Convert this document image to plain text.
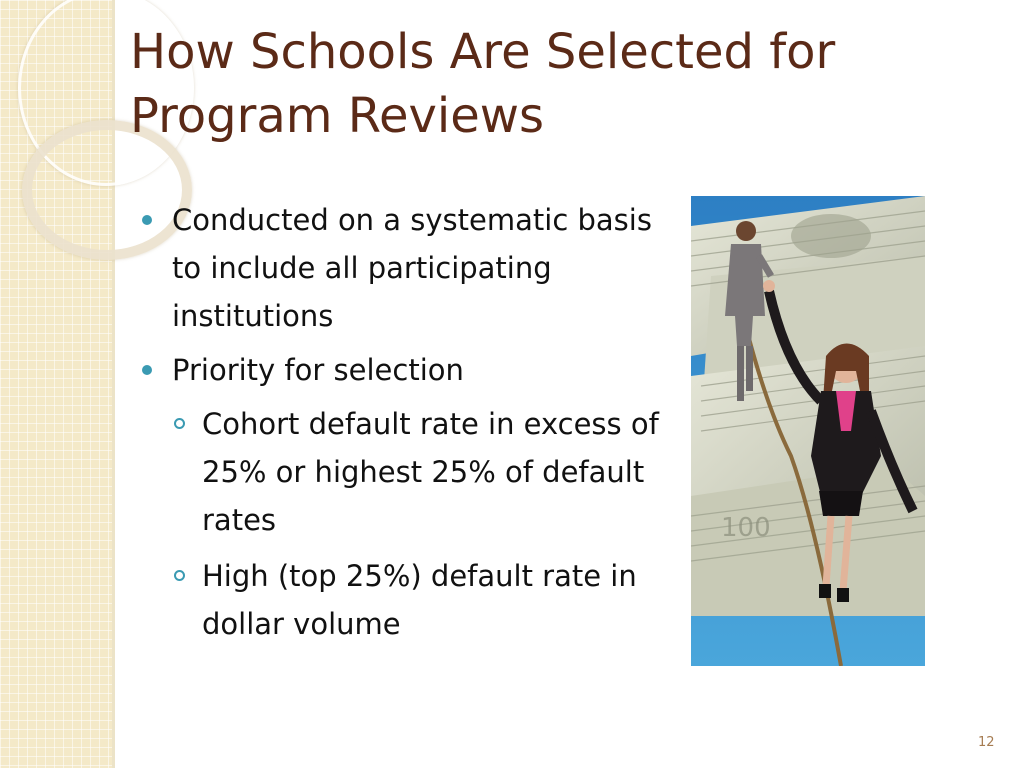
How Schools Are Selected for Program Reviews
Conducted on a systematic basis to include all participating institutions
Priority for selection
Cohort default rate in excess of 25% or highest 25% of default rates
High (top 25%) default rate in dollar volume
100
12
